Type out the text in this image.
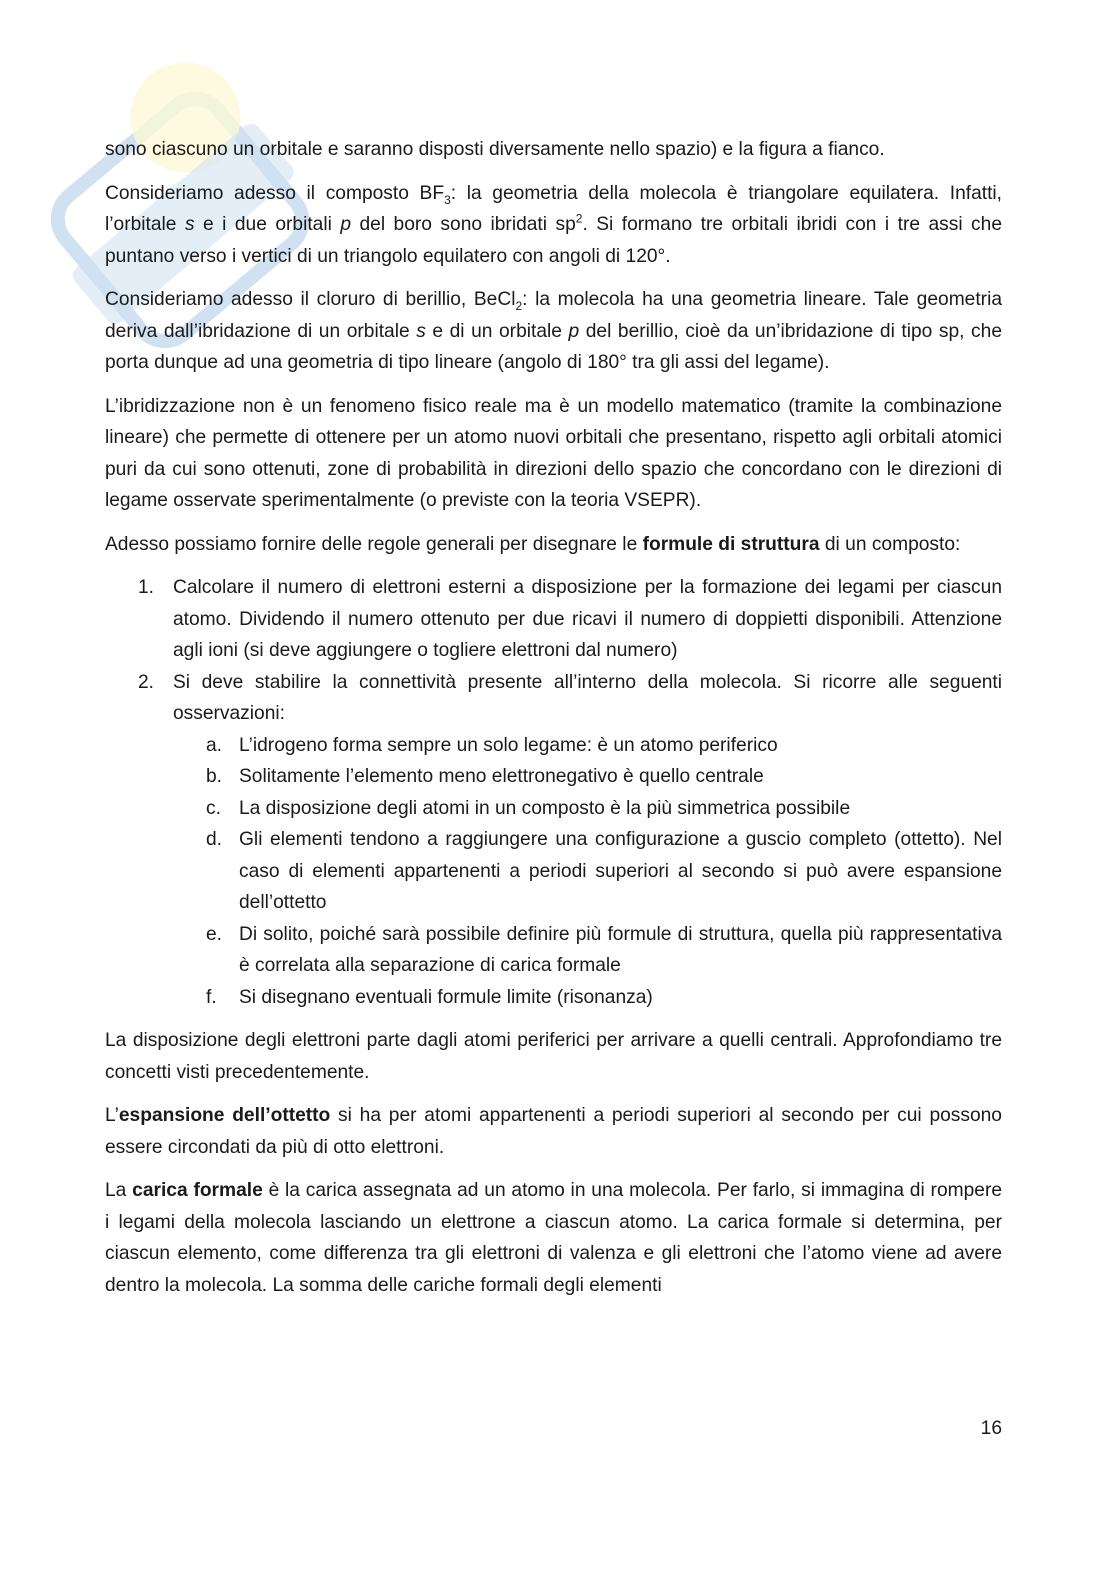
sono ciascuno un orbitale e saranno disposti diversamente nello spazio) e la figura a fianco.

Consideriamo adesso il composto $BF_3$: la geometria della molecola è triangolare equilatera. Infatti, l’orbitale s e i due orbitali p del boro sono ibridati $sp^2$. Si formano tre orbitali ibridi con i tre assi che puntano verso i vertici di un triangolo equilatero con angoli di 120°.

Consideriamo adesso il cloruro di berillio, BeCl$_2$: la molecola ha una geometria lineare. Tale geometria deriva dall’ibridazione di un orbitale s e di un orbitale p del berillio, cioè da un’ibridazione di tipo sp, che porta dunque ad una geometria di tipo lineare (angolo di 180° tra gli assi del legame).

L’ibridizzazione non è un fenomeno fisico reale ma è un modello matematico (tramite la combinazione lineare) che permette di ottenere per un atomo nuovi orbitali che presentano, rispetto agli orbitali atomici puri da cui sono ottenuti, zone di probabilità in direzioni dello spazio che concordano con le direzioni di legame osservate sperimentalmente (o previste con la teoria VSEPR).

Adesso possiamo fornire delle regole generali per disegnare le formule di struttura di un composto:

1. Calcolare il numero di elettroni esterni a disposizione per la formazione dei legami per ciascun atomo. Dividendo il numero ottenuto per due ricavi il numero di doppietti disponibili. Attenzione agli ioni (si deve aggiungere o togliere elettroni dal numero)
2. Si deve stabilire la connettività presente all’interno della molecola. Si ricorre alle seguenti osservazioni:
a. L’idrogeno forma sempre un solo legame: è un atomo periferico
b. Solitamente l’elemento meno elettronegativo è quello centrale
c. La disposizione degli atomi in un composto è la più simmetrica possibile
d. Gli elementi tendono a raggiungere una configurazione a guscio completo (ottetto). Nel caso di elementi appartenenti a periodi superiori al secondo si può avere espansione dell’ottetto
e. Di solito, poiché sarà possibile definire più formule di struttura, quella più rappresentativa è correlata alla separazione di carica formale
f. Si disegnano eventuali formule limite (risonanza)

La disposizione degli elettroni parte dagli atomi periferici per arrivare a quelli centrali. Approfondiamo tre concetti visti precedentemente.

L’espansione dell’ottetto si ha per atomi appartenenti a periodi superiori al secondo per cui possono essere circondati da più di otto elettroni.

La carica formale è la carica assegnata ad un atomo in una molecola. Per farlo, si immagina di rompere i legami della molecola lasciando un elettrone a ciascun atomo. La carica formale si determina, per ciascun elemento, come differenza tra gli elettroni di valenza e gli elettroni che l’atomo viene ad avere dentro la molecola. La somma delle cariche formali degli elementi

16
